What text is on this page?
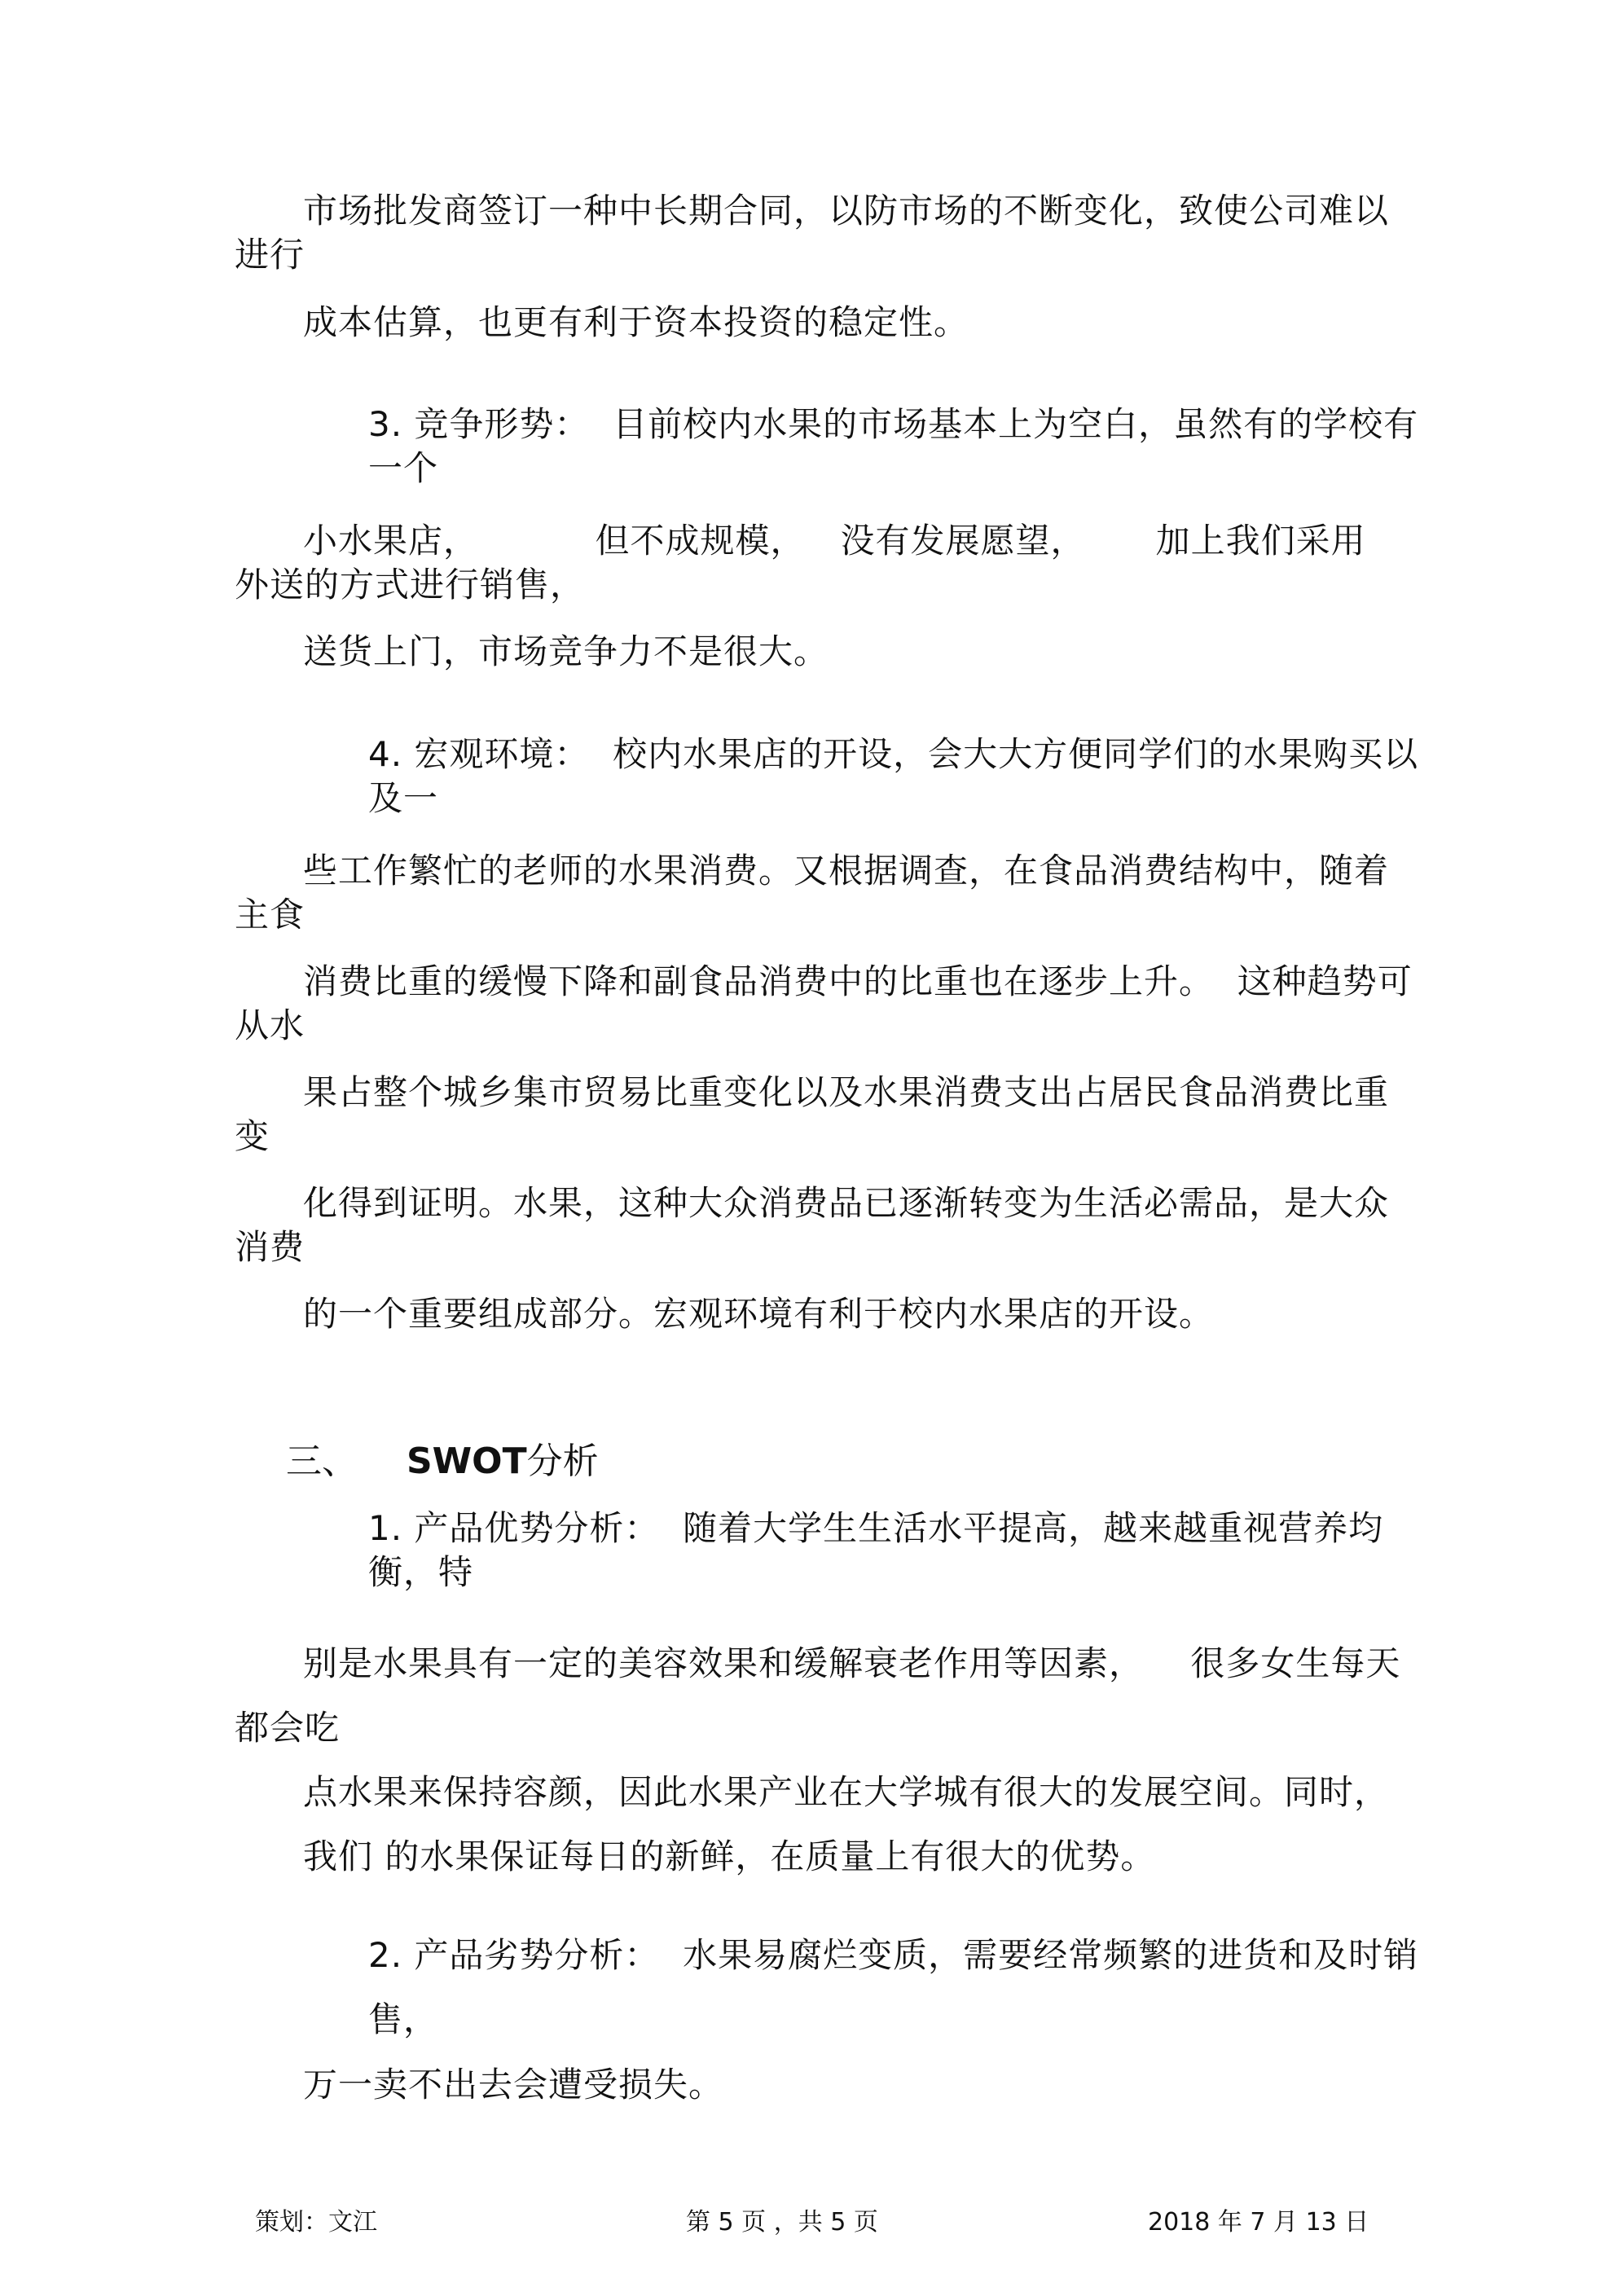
市场批发商签订一种中长期合同，以防市场的不断变化，致使公司难以
进行
成本估算，也更有利于资本投资的稳定性。
3. 竞争形势：  目前校内水果的市场基本上为空白，虽然有的学校有
一个
小水果店，          但不成规模，   没有发展愿望，      加上我们采用
外送的方式进行销售，
送货上门，市场竞争力不是很大。
4. 宏观环境：  校内水果店的开设，会大大方便同学们的水果购买以
及一
些工作繁忙的老师的水果消费。又根据调查，在食品消费结构中，随着
主食
消费比重的缓慢下降和副食品消费中的比重也在逐步上升。  这种趋势可
从水
果占整个城乡集市贸易比重变化以及水果消费支出占居民食品消费比重
变
化得到证明。水果，这种大众消费品已逐渐转变为生活必需品，是大众
消费
的一个重要组成部分。宏观环境有利于校内水果店的开设。

三、 SWOT分析

1. 产品优势分析：  随着大学生生活水平提高，越来越重视营养均
衡，特
别是水果具有一定的美容效果和缓解衰老作用等因素，    很多女生每天
都会吃
点水果来保持容颜，因此水果产业在大学城有很大的发展空间。同时，
我们 的水果保证每日的新鲜，在质量上有很大的优势。
2. 产品劣势分析：  水果易腐烂变质，需要经常频繁的进货和及时销
售，
万一卖不出去会遭受损失。
策划：文江	第 5 页 ，共 5 页	2018 年 7 月 13 日
